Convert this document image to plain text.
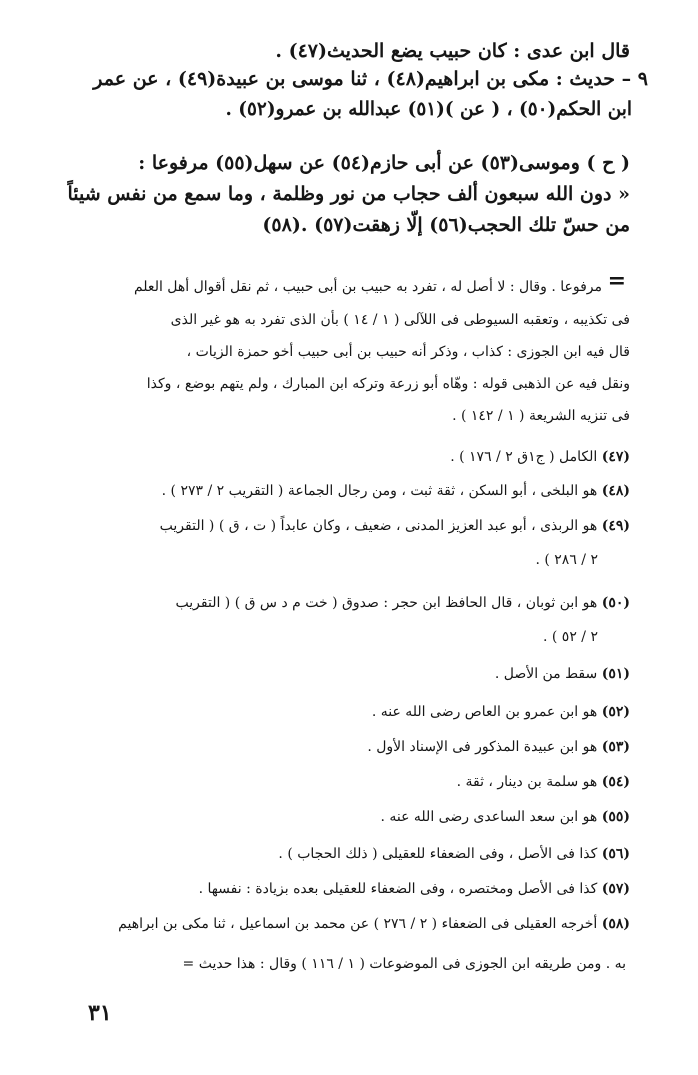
قال ابن عدى : كان حبيب يضع الحديث(٤٧) .
٩ – حديث : مكى بن ابراهيم(٤٨) ، ثنا موسى بن عبيدة(٤٩) ، عن عمر
ابن الحكم(٥٠) ، ( عن )(٥١) عبدالله بن عمرو(٥٢) .
( ح ) وموسى(٥٣) عن أبى حازم(٥٤) عن سهل(٥٥) مرفوعا :
« دون الله سبعون ألف حجاب من نور وظلمة ، وما سمع من نفس شيئاً
من حسّ تلك الحجب(٥٦) إلّا زهقت(٥٧) .(٥٨)
=
مرفوعا . وقال : لا أصل له ، تفرد به حبيب بن أبى حبيب ، ثم نقل أقوال أهل العلم
فى تكذيبه ، وتعقبه السيوطى فى اللآلى ( ١ / ١٤ ) بأن الذى تفرد به هو غير الذى
قال فيه ابن الجوزى : كذاب ، وذكر أنه حبيب بن أبى حبيب أخو حمزة الزيات ،
ونقل فيه عن الذهبى قوله : وهّاه أبو زرعة وتركه ابن المبارك ، ولم يتهم بوضع ، وكذا
فى تنزيه الشريعة ( ١ / ١٤٢ ) .
(٤٧) الكامل ( ج١ق ٢ / ١٧٦ ) .
(٤٨) هو البلخى ، أبو السكن ، ثقة ثبت ، ومن رجال الجماعة ( التقريب ٢ / ٢٧٣ ) .
(٤٩) هو الربذى ، أبو عبد العزيز المدنى ، ضعيف ، وكان عابداً ( ت ، ق ) ( التقريب
٢ / ٢٨٦ ) .
(٥٠) هو ابن ثوبان ، قال الحافظ ابن حجر : صدوق ( خت م د س ق ) ( التقريب
٢ / ٥٢ ) .
(٥١) سقط من الأصل .
(٥٢) هو ابن عمرو بن العاص رضى الله عنه .
(٥٣) هو ابن عبيدة المذكور فى الإسناد الأول .
(٥٤) هو سلمة بن دينار ، ثقة .
(٥٥) هو ابن سعد الساعدى رضى الله عنه .
(٥٦) كذا فى الأصل ، وفى الضعفاء للعقيلى ( ذلك الحجاب ) .
(٥٧) كذا فى الأصل ومختصره ، وفى الضعفاء للعقيلى بعده بزيادة : نفسها .
(٥٨) أخرجه العقيلى فى الضعفاء ( ٢ / ٢٧٦ ) عن محمد بن اسماعيل ، ثنا مكى بن ابراهيم
به . ومن طريقه ابن الجوزى فى الموضوعات ( ١ / ١١٦ ) وقال : هذا حديث =
٣١
